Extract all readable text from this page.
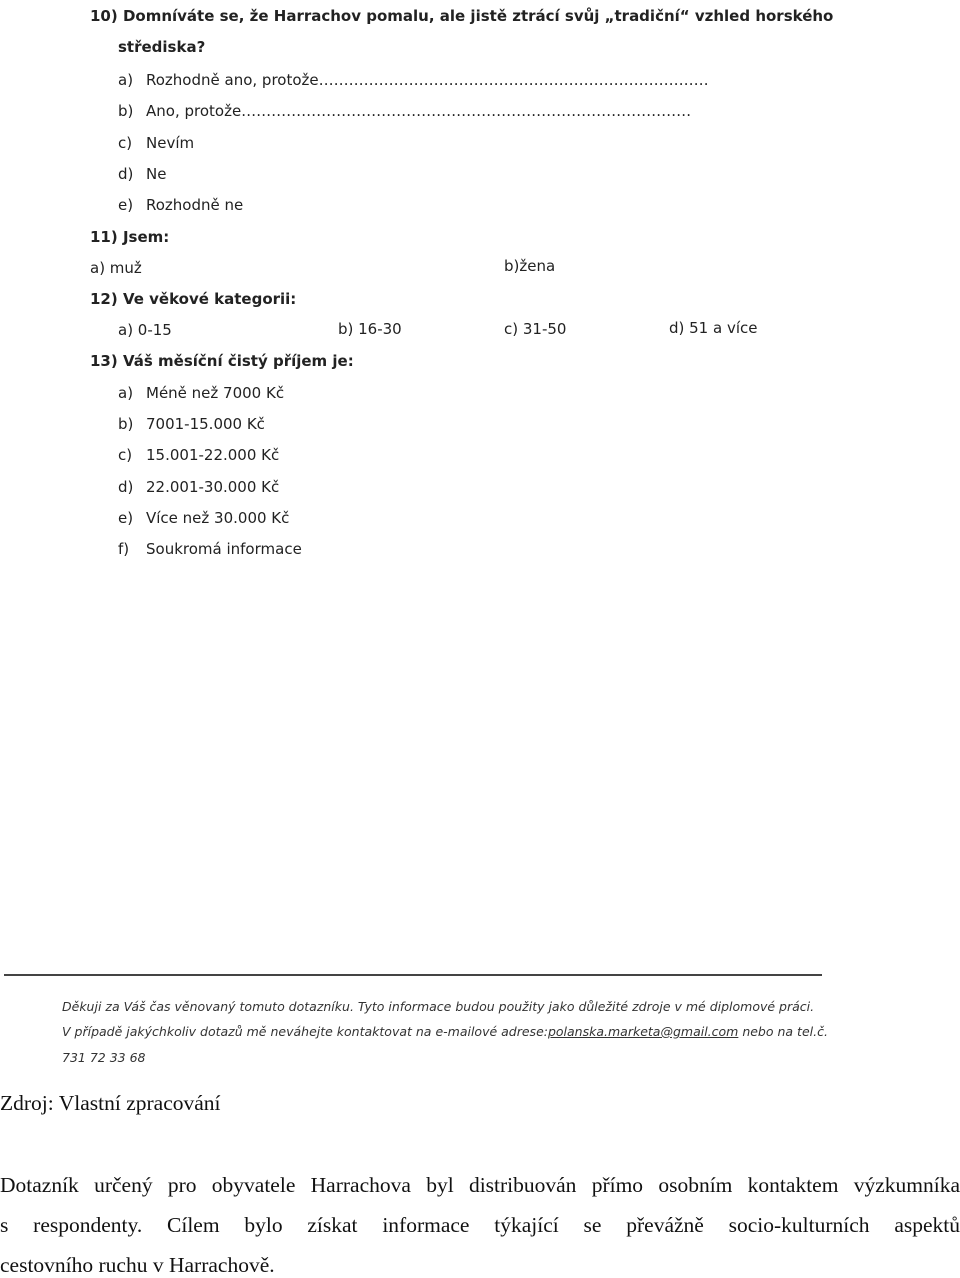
10) Domníváte se, že Harrachov pomalu, ale jistě ztrácí svůj „tradiční“ vzhled horského
střediska?
a) Rozhodně ano, protože……………………………………………………………………
b) Ano, protože………………………………………………………………………………
c) Nevím
d) Ne
e) Rozhodně ne
11) Jsem:
a) muž	b)žena
12) Ve věkové kategorii:
a) 0-15	b) 16-30	c) 31-50	d) 51 a více
13) Váš měsíční čistý příjem je:
a) Méně než 7000 Kč
b) 7001-15.000 Kč
c) 15.001-22.000 Kč
d) 22.001-30.000 Kč
e) Více než 30.000 Kč
f) Soukromá informace
Děkuji za Váš čas věnovaný tomuto dotazníku. Tyto informace budou použity jako důležité zdroje v mé diplomové práci.
V případě jakýchkoliv dotazů mě neváhejte kontaktovat na e-mailové adrese:polanska.marketa@gmail.com nebo na tel.č.
731 72 33 68
Zdroj: Vlastní zpracování
Dotazník určený pro obyvatele Harrachova byl distribuován přímo osobním kontaktem výzkumníka
s respondenty. Cílem bylo získat informace týkající se převážně socio-kulturních aspektů
cestovního ruchu v Harrachově.
